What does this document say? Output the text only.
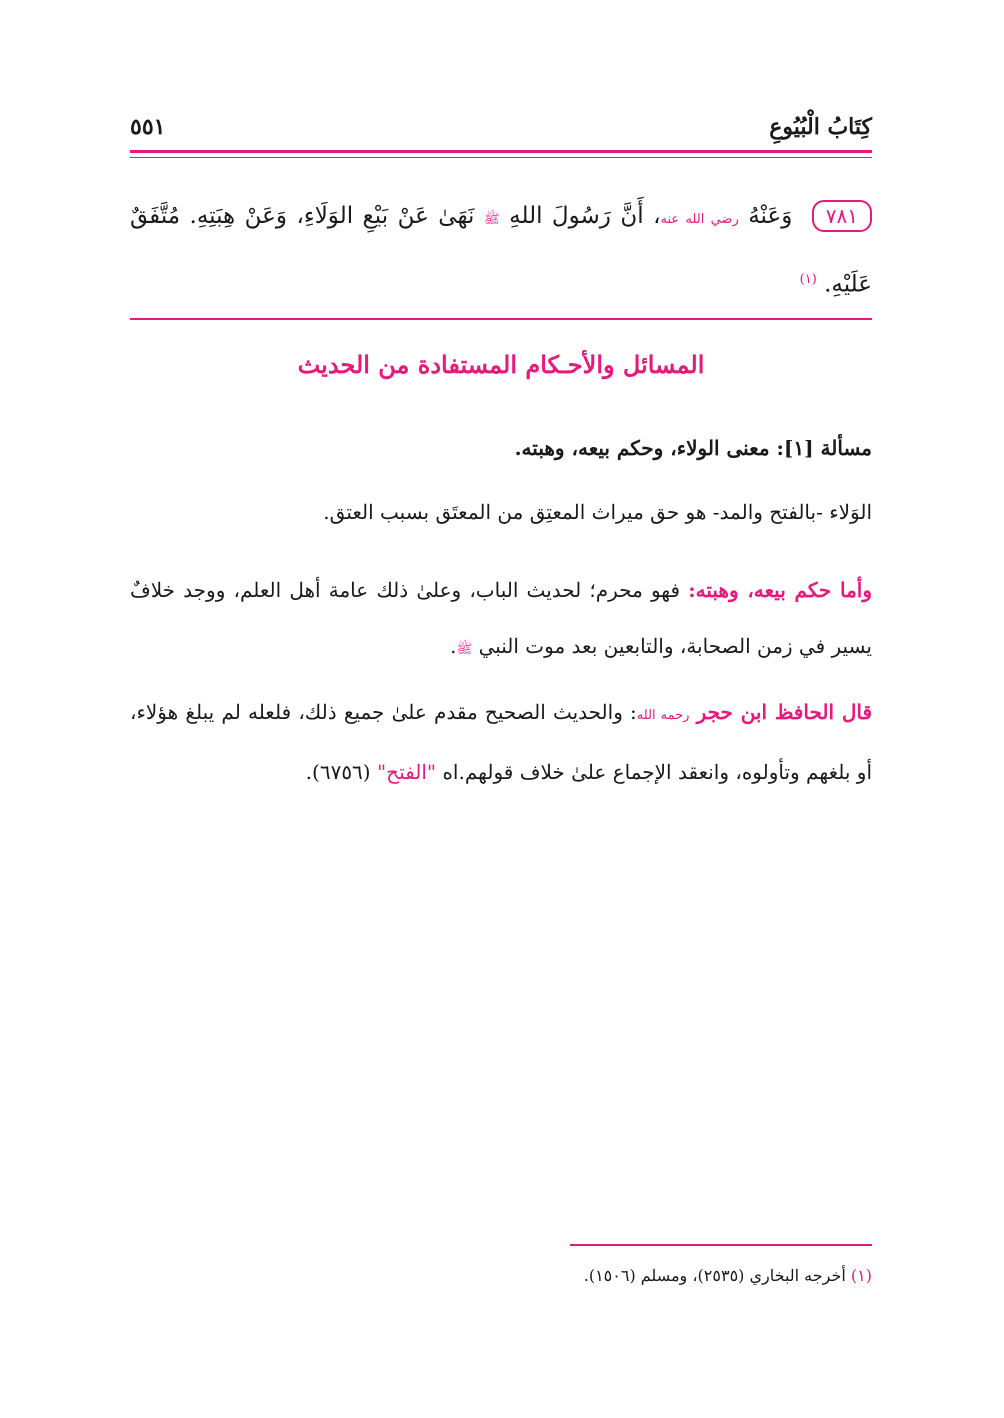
٥٥١	كِتَابُ الْبُيُوعِ
٧٨١ وَعَنْهُ رضي الله عنه، أَنَّ رَسُولَ اللهِ ﷺ نَهَىٰ عَنْ بَيْعِ الوَلَاءِ، وَعَنْ هِبَتِهِ. مُتَّفَقٌ عَلَيْهِ. $^{(١)}$
المسائل والأحـكام المستفادة من الحديث
مسألة [١]: معنى الولاء، وحكم بيعه، وهبته.
الوَلاء -بالفتح والمد- هو حق ميراث المعتِق من المعتَق بسبب العتق.
وأما حكم بيعه، وهبته: فهو محرم؛ لحديث الباب، وعلىٰ ذلك عامة أهل العلم، ووجد خلافٌ يسير في زمن الصحابة، والتابعين بعد موت النبي ﷺ.
قال الحافظ ابن حجر رحمه الله: والحديث الصحيح مقدم علىٰ جميع ذلك، فلعله لم يبلغ هؤلاء، أو بلغهم وتأولوه، وانعقد الإجماع علىٰ خلاف قولهم.اه "الفتح" (٦٧٥٦).
(١) أخرجه البخاري (٢٥٣٥)، ومسلم (١٥٠٦).
